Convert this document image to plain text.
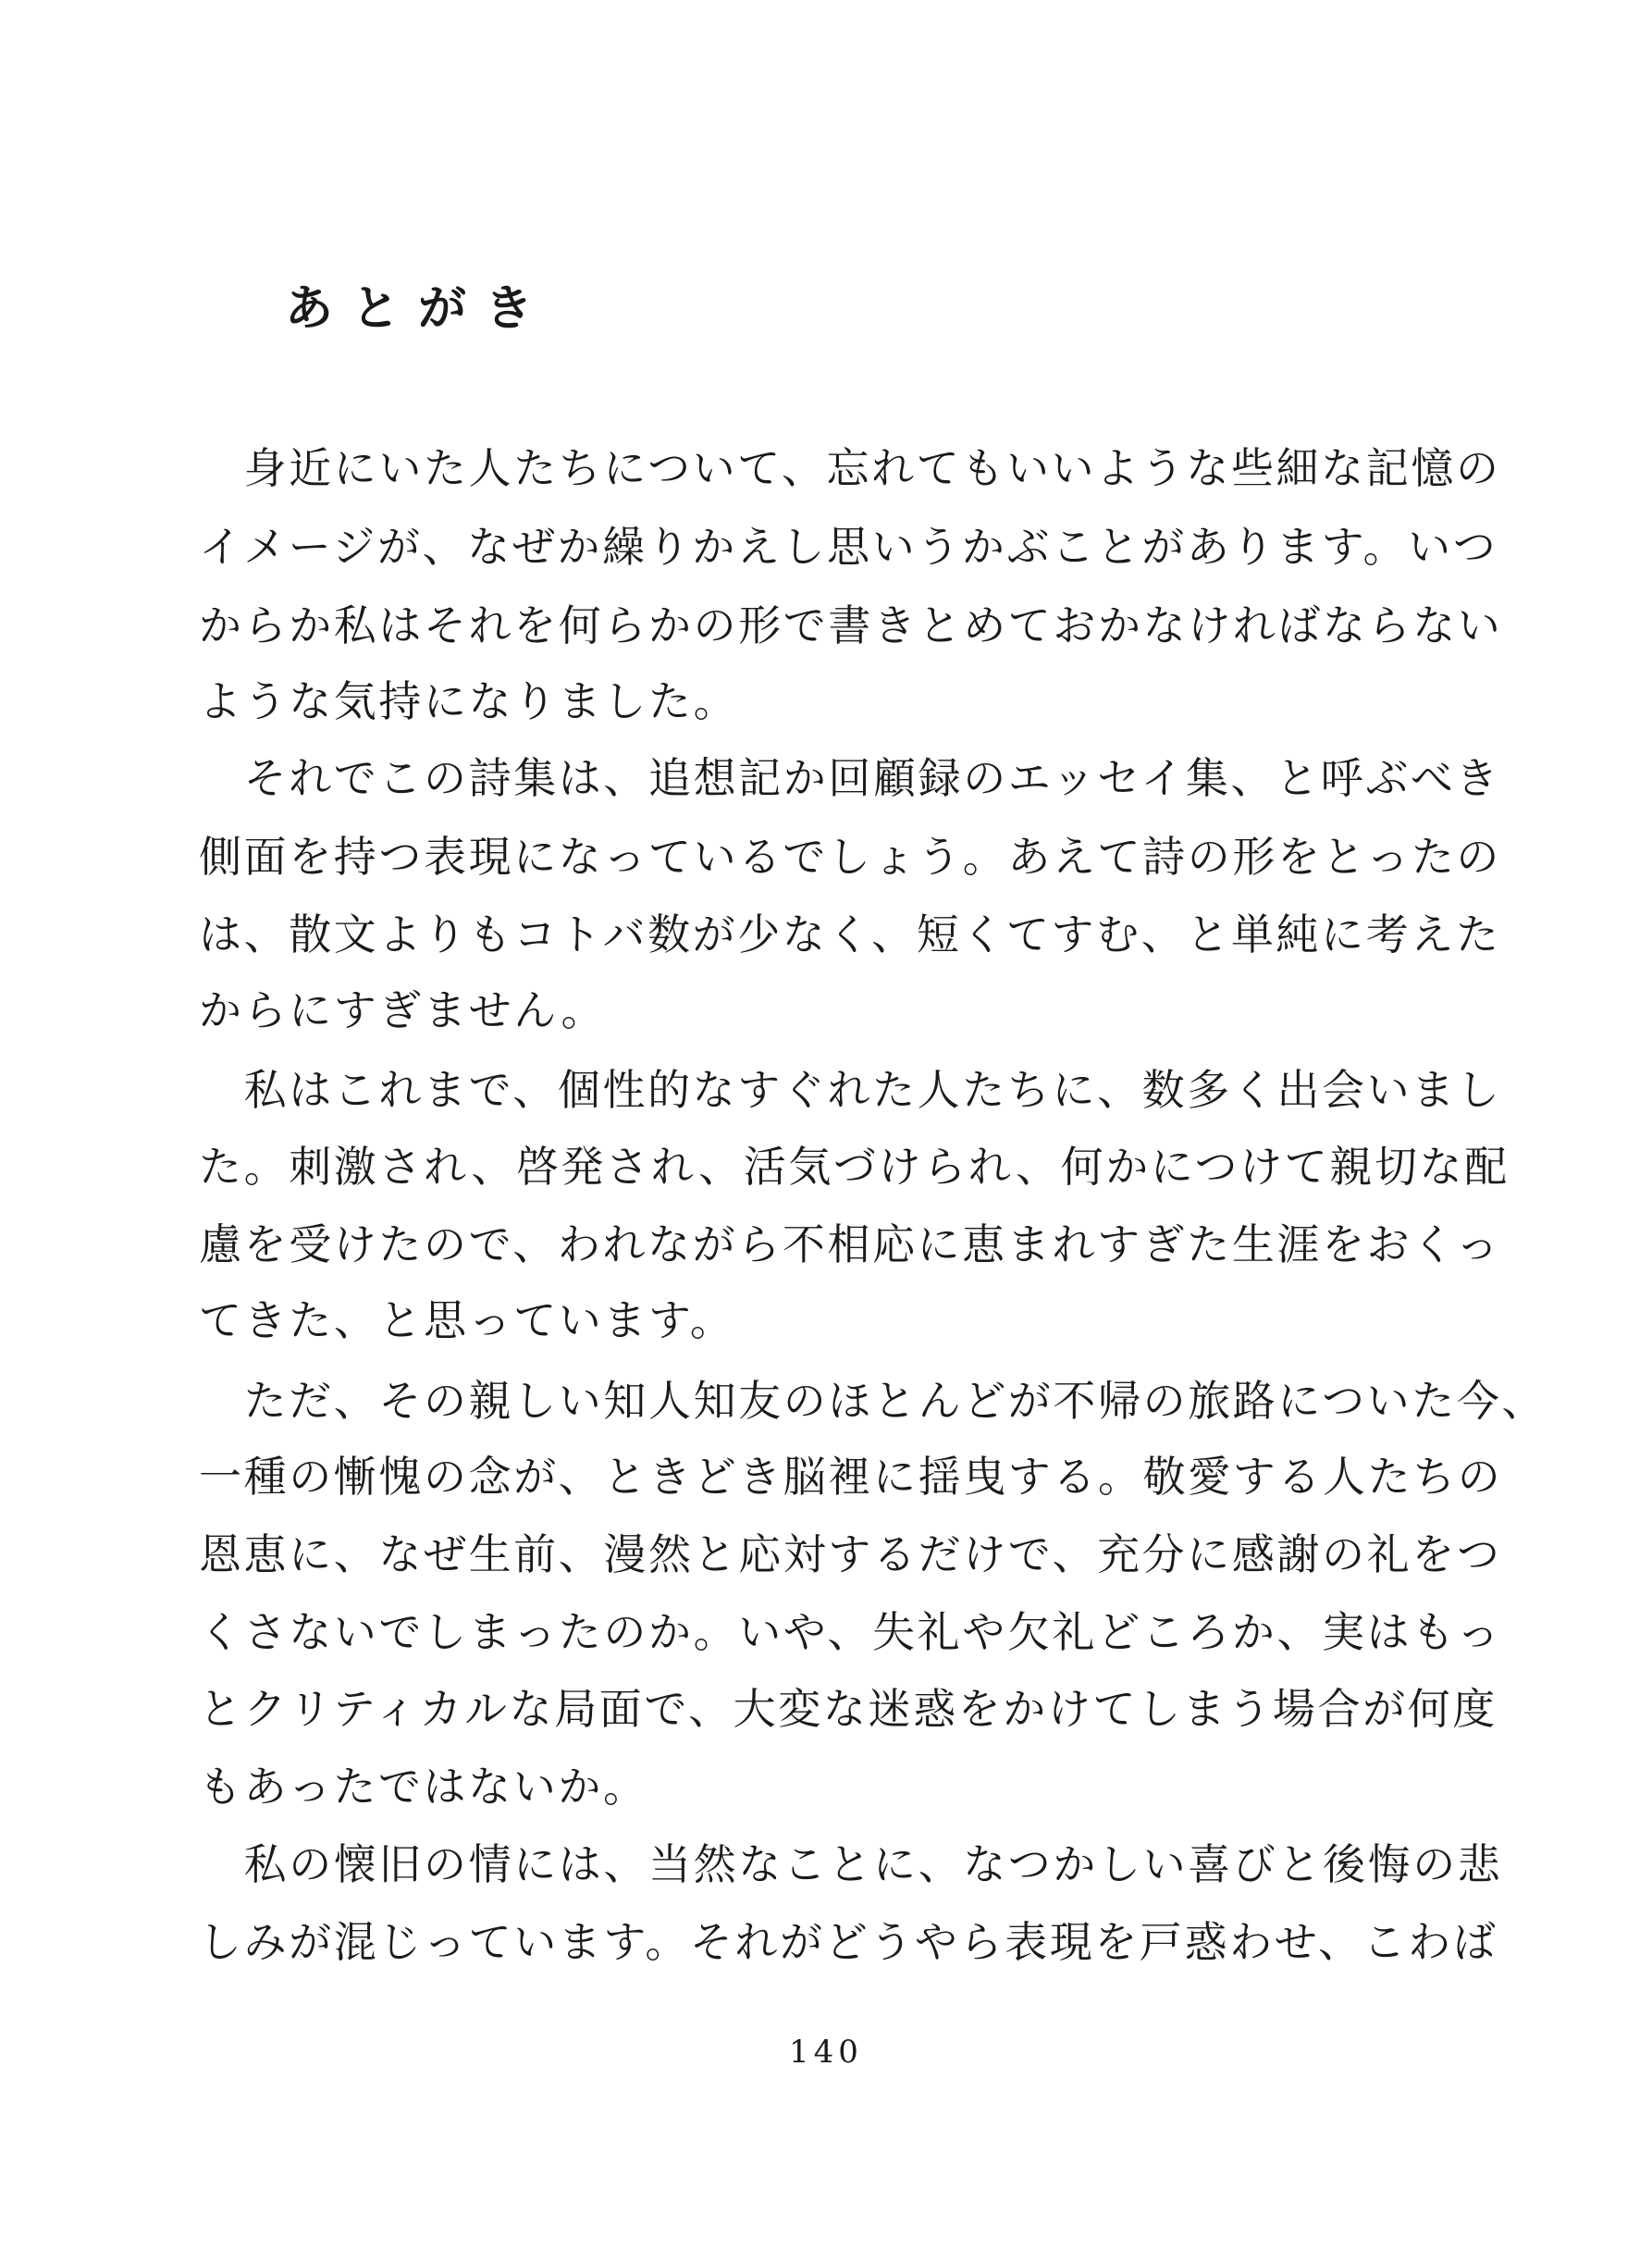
あとがき
　身近にいた人たちについて、忘れてもいいような些細な記憶の
イメージが、なぜか繰りかえし思いうかぶことがあります。いつ
からか私はそれを何らかの形で書きとめておかなければならない
ような気持になりました。
　それでこの詩集は、追想記か回顧録のエッセイ集、と呼ぶべき
側面を持つ表現になっているでしょう。あえて詩の形をとったの
は、散文よりもコトバ数が少なく、短くてすむ、と単純に考えた
からにすぎません。
　私はこれまで、個性的なすぐれた人たちに、数多く出会いまし
た。刺激され、啓発され、活気づけられ、何かにつけて親切な配
慮を受けたので、われながら不相応に恵まれすぎた生涯をおくっ
てきた、と思っています。
　ただ、その親しい知人知友のほとんどが不帰の旅路についた今、
一種の慚愧の念が、ときどき脳裡に揺曳する。敬愛する人たちの
恩恵に、なぜ生前、漫然と応対するだけで、充分に感謝の礼をつ
くさないでしまったのか。いや、失礼や欠礼どころか、実はもっ
とクリティカルな局面で、大変な迷惑をかけてしまう場合が何度
もあったではないか。
　私の懐旧の情には、当然なことに、なつかしい喜びと後悔の悲
しみが混じっています。それがどうやら表現を戸惑わせ、こわば
140
